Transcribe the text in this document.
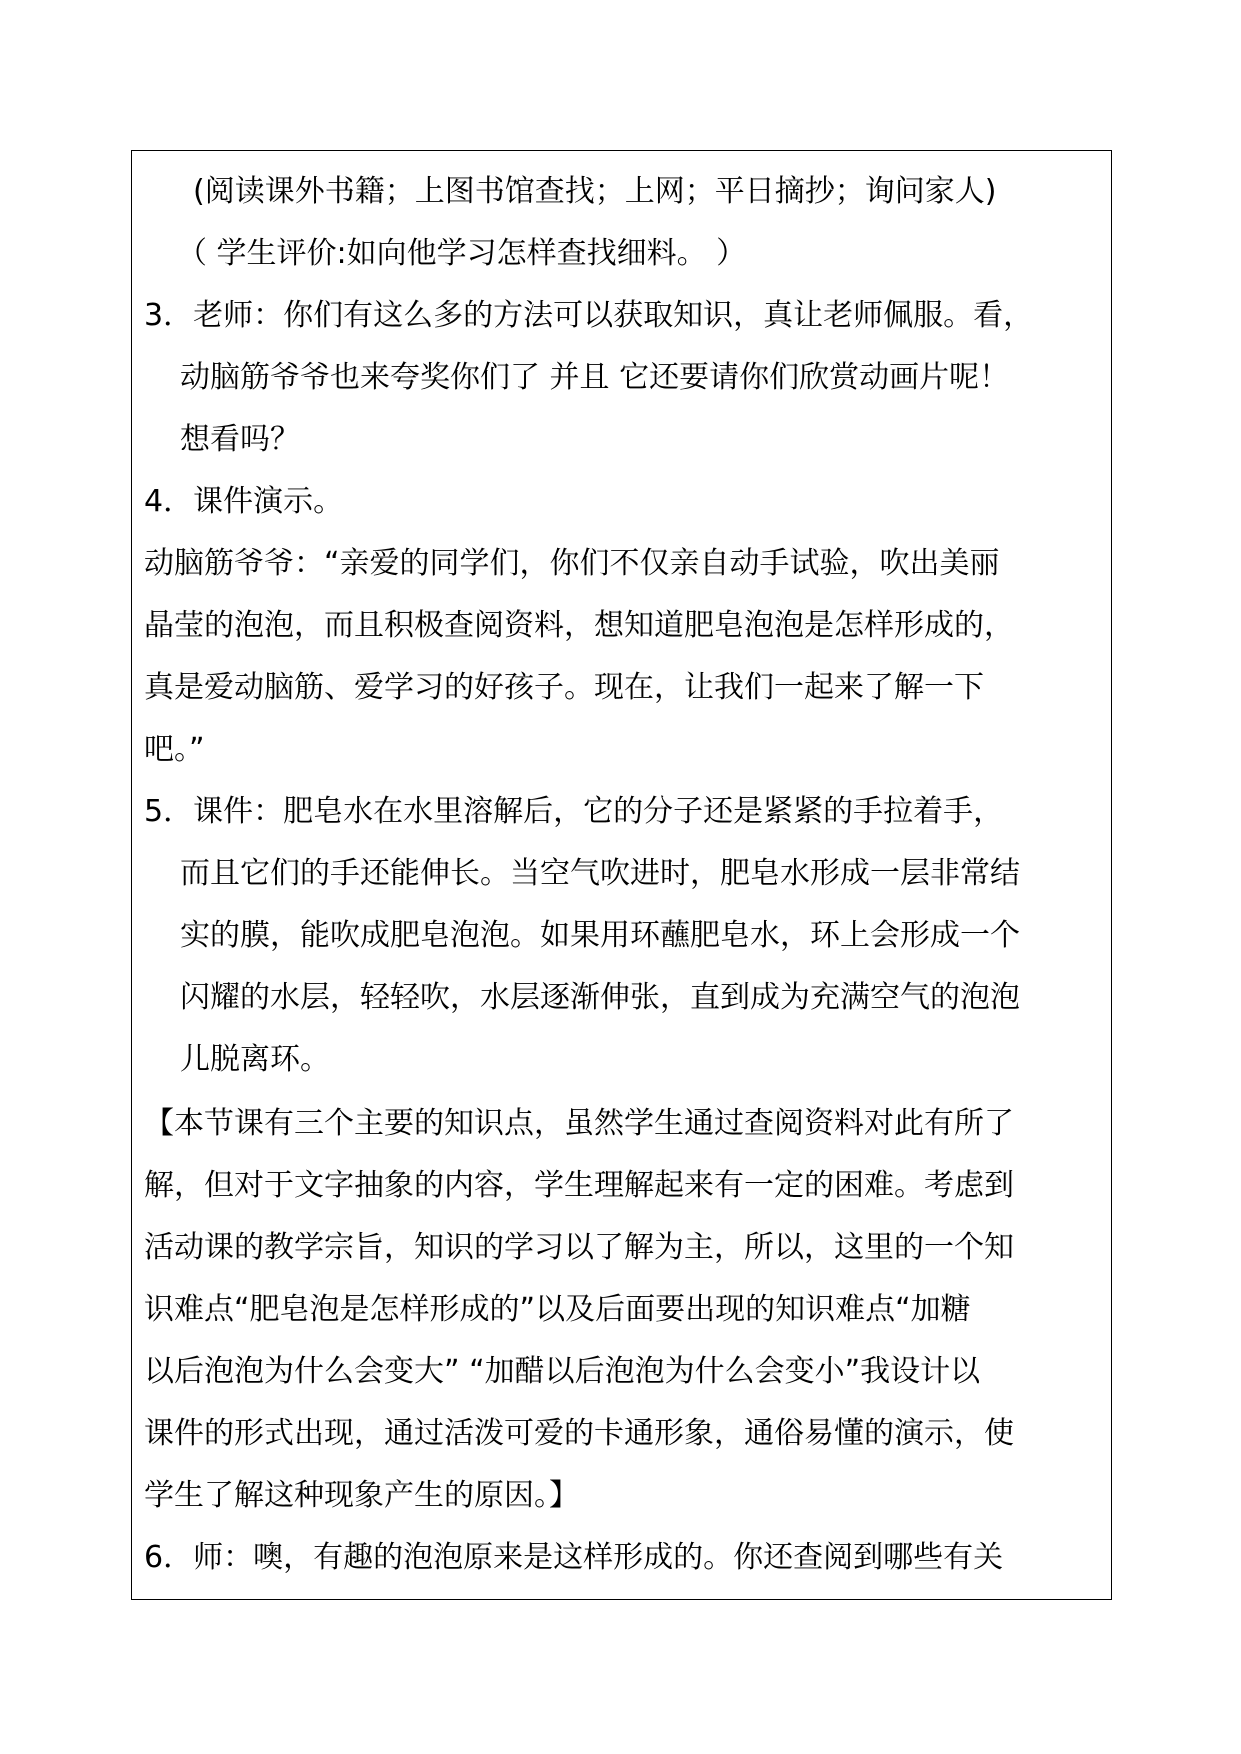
(阅读课外书籍；上图书馆查找；上网；平日摘抄；询问家人)
（ 学生评价:如向他学习怎样查找细料。 ）
3．老师：你们有这么多的方法可以获取知识，真让老师佩服。看，
动脑筋爷爷也来夸奖你们了 并且 它还要请你们欣赏动画片呢！
想看吗？
4．课件演示。
动脑筋爷爷：“亲爱的同学们，你们不仅亲自动手试验，吹出美丽
晶莹的泡泡，而且积极查阅资料，想知道肥皂泡泡是怎样形成的，
真是爱动脑筋、爱学习的好孩子。现在，让我们一起来了解一下
吧。”
5．课件：肥皂水在水里溶解后，它的分子还是紧紧的手拉着手，
而且它们的手还能伸长。当空气吹进时，肥皂水形成一层非常结
实的膜，能吹成肥皂泡泡。如果用环蘸肥皂水，环上会形成一个
闪耀的水层，轻轻吹，水层逐渐伸张，直到成为充满空气的泡泡
儿脱离环。
【本节课有三个主要的知识点，虽然学生通过查阅资料对此有所了
解，但对于文字抽象的内容，学生理解起来有一定的困难。考虑到
活动课的教学宗旨，知识的学习以了解为主，所以，这里的一个知
识难点“肥皂泡是怎样形成的”以及后面要出现的知识难点“加糖
以后泡泡为什么会变大” “加醋以后泡泡为什么会变小”我设计以
课件的形式出现，通过活泼可爱的卡通形象，通俗易懂的演示，使
学生了解这种现象产生的原因。】
6．师：噢，有趣的泡泡原来是这样形成的。你还查阅到哪些有关
